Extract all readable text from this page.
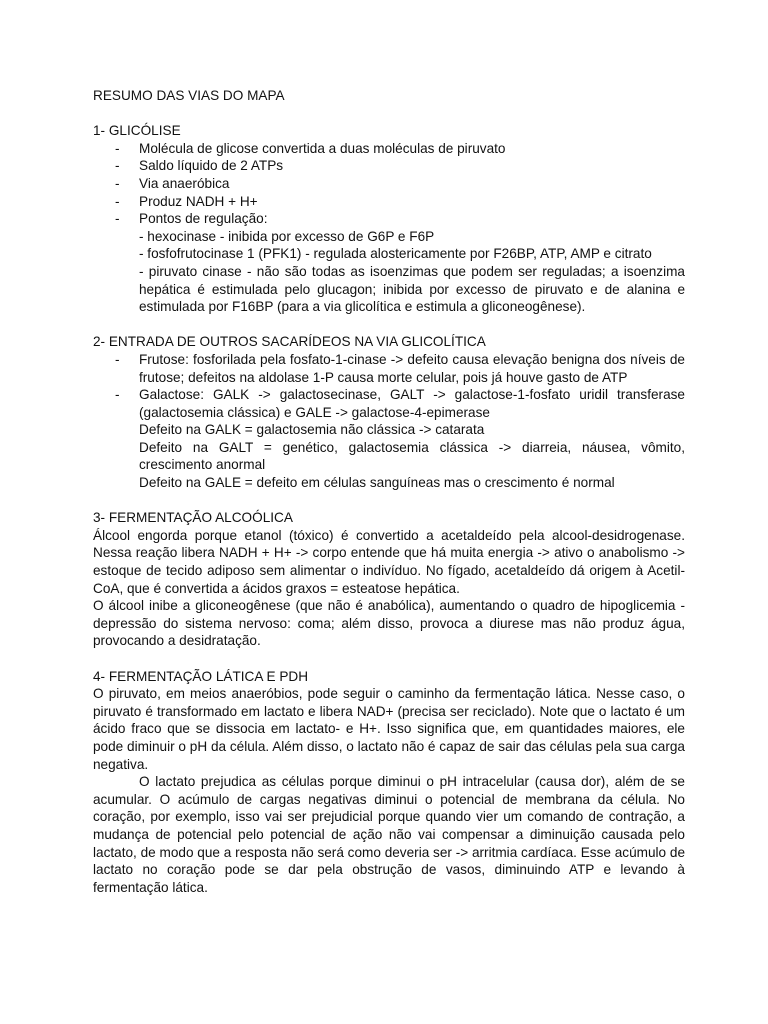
RESUMO DAS VIAS DO MAPA

1- GLICÓLISE

- Molécula de glicose convertida a duas moléculas de piruvato
- Saldo líquido de 2 ATPs
- Via anaeróbica
- Produz NADH + H+
- Pontos de regulação:
- hexocinase - inibida por excesso de G6P e F6P
- fosfofrutocinase 1 (PFK1) - regulada alostericamente por F26BP, ATP, AMP e citrato
- piruvato cinase - não são todas as isoenzimas que podem ser reguladas; a isoenzima hepática é estimulada pelo glucagon; inibida por excesso de piruvato e de alanina e estimulada por F16BP (para a via glicolítica e estimula a gliconeogênese).

2- ENTRADA DE OUTROS SACARÍDEOS NA VIA GLICOLÍTICA

- Frutose: fosforilada pela fosfato-1-cinase -> defeito causa elevação benigna dos níveis de frutose; defeitos na aldolase 1-P causa morte celular, pois já houve gasto de ATP
- Galactose: GALK -> galactosecinase, GALT -> galactose-1-fosfato uridil transferase (galactosemia clássica) e GALE -> galactose-4-epimerase
Defeito na GALK = galactosemia não clássica -> catarata
Defeito na GALT = genético, galactosemia clássica -> diarreia, náusea, vômito, crescimento anormal
Defeito na GALE = defeito em células sanguíneas mas o crescimento é normal

3- FERMENTAÇÃO ALCOÓLICA

Álcool engorda porque etanol (tóxico) é convertido a acetaldeído pela alcool-desidrogenase. Nessa reação libera NADH + H+ -> corpo entende que há muita energia -> ativo o anabolismo -> estoque de tecido adiposo sem alimentar o indivíduo. No fígado, acetaldeído dá origem à Acetil-CoA, que é convertida a ácidos graxos = esteatose hepática.

O álcool inibe a gliconeogênese (que não é anabólica), aumentando o quadro de hipoglicemia - depressão do sistema nervoso: coma; além disso, provoca a diurese mas não produz água, provocando a desidratação.

4- FERMENTAÇÃO LÁTICA E PDH

O piruvato, em meios anaeróbios, pode seguir o caminho da fermentação lática. Nesse caso, o piruvato é transformado em lactato e libera NAD+ (precisa ser reciclado). Note que o lactato é um ácido fraco que se dissocia em lactato- e H+. Isso significa que, em quantidades maiores, ele pode diminuir o pH da célula. Além disso, o lactato não é capaz de sair das células pela sua carga negativa.

O lactato prejudica as células porque diminui o pH intracelular (causa dor), além de se acumular. O acúmulo de cargas negativas diminui o potencial de membrana da célula. No coração, por exemplo, isso vai ser prejudicial porque quando vier um comando de contração, a mudança de potencial pelo potencial de ação não vai compensar a diminuição causada pelo lactato, de modo que a resposta não será como deveria ser -> arritmia cardíaca. Esse acúmulo de lactato no coração pode se dar pela obstrução de vasos, diminuindo ATP e levando à fermentação lática.
